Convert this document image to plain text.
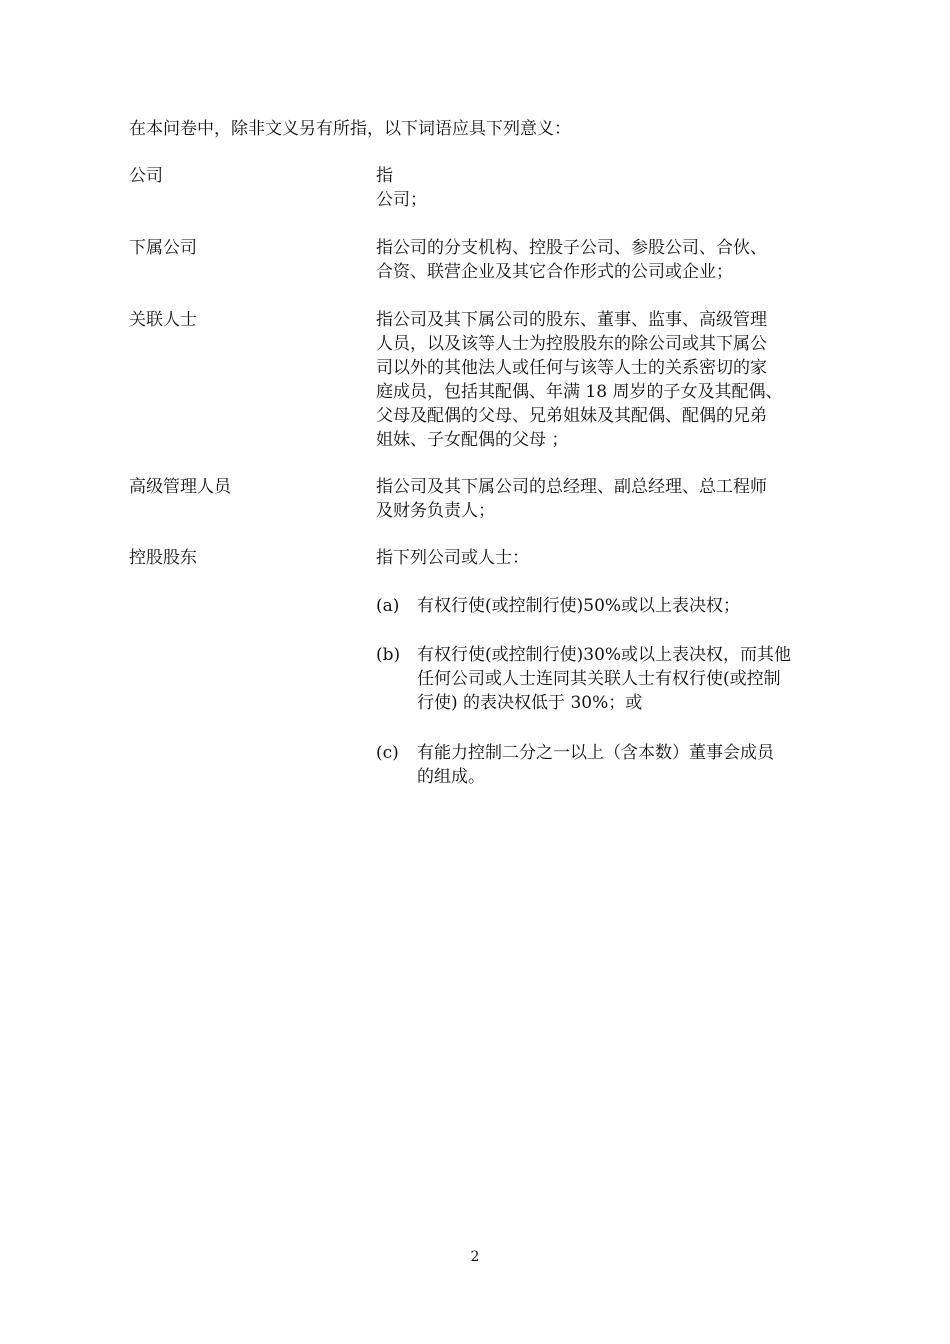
在本问卷中，除非文义另有所指，以下词语应具下列意义：
公司	指
公司；
下属公司	指公司的分支机构、控股子公司、参股公司、合伙、
合资、联营企业及其它合作形式的公司或企业；
关联人士	指公司及其下属公司的股东、董事、监事、高级管理
人员，以及该等人士为控股股东的除公司或其下属公
司以外的其他法人或任何与该等人士的关系密切的家
庭成员，包括其配偶、年满 18 周岁的子女及其配偶、
父母及配偶的父母、兄弟姐妹及其配偶、配偶的兄弟
姐妹、子女配偶的父母 ；
高级管理人员	指公司及其下属公司的总经理、副总经理、总工程师
及财务负责人；
控股股东	指下列公司或人士：
(a)	有权行使(或控制行使)50%或以上表决权；
(b) 有权行使(或控制行使)30%或以上表决权，而其他
任何公司或人士连同其关联人士有权行使(或控制
行使) 的表决权低于 30%；或
(c)	有能力控制二分之一以上（含本数）董事会成员
的组成。
2
